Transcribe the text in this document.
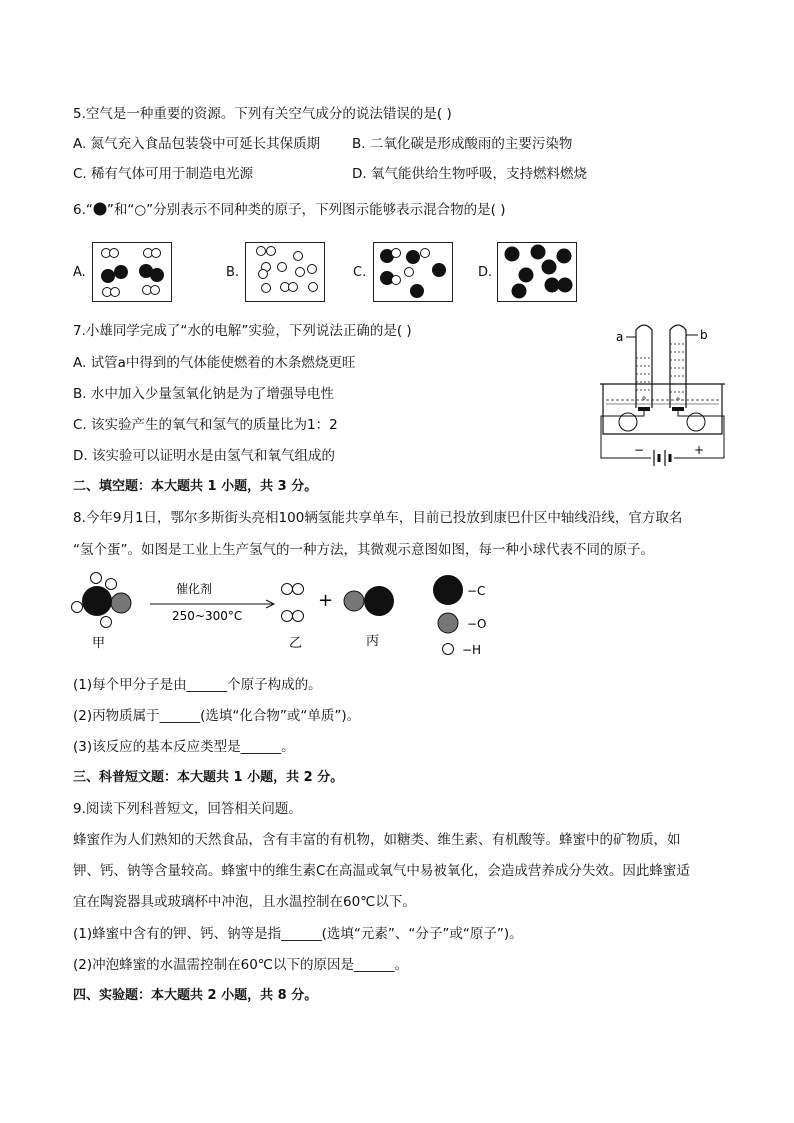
5.空气是一种重要的资源。下列有关空气成分的说法错误的是( )
A. 氮气充入食品包装袋中可延长其保质期 B. 二氧化碳是形成酸雨的主要污染物
C. 稀有气体可用于制造电光源	D. 氧气能供给生物呼吸，支持燃料燃烧
6.“ ”和“○”分别表示不同种类的原子，下列图示能够表示混合物的是( )
A.	B.	C.	D.
7.小雄同学完成了“水的电解”实验，下列说法正确的是( )
A. 试管a中得到的气体能使燃着的木条燃烧更旺
B. 水中加入少量氢氧化钠是为了增强导电性
C. 该实验产生的氧气和氢气的质量比为1：2
D. 该实验可以证明水是由氢气和氧气组成的
a	b
−	+
二、填空题：本大题共 1 小题，共 3 分。
8.今年9月1日，鄂尔多斯街头亮相100辆氢能共享单车，目前已投放到康巴什区中轴线沿线，官方取名
“氢个蛋”。如图是工业上生产氢气的一种方法，其微观示意图如图，每一种小球代表不同的原子。
甲
催化剂
250~300°C
乙
+
丙
−C
−O
−H
(1)每个甲分子是由______个原子构成的。
(2)丙物质属于______(选填“化合物”或“单质”)。
(3)该反应的基本反应类型是______。
三、科普短文题：本大题共 1 小题，共 2 分。
9.阅读下列科普短文，回答相关问题。
蜂蜜作为人们熟知的天然食品，含有丰富的有机物，如糖类、维生素、有机酸等。蜂蜜中的矿物质，如
钾、钙、钠等含量较高。蜂蜜中的维生素C在高温或氧气中易被氧化，会造成营养成分失效。因此蜂蜜适
宜在陶瓷器具或玻璃杯中冲泡，且水温控制在60℃以下。
(1)蜂蜜中含有的钾、钙、钠等是指______(选填“元素”、“分子”或“原子”)。
(2)冲泡蜂蜜的水温需控制在60℃以下的原因是______。
四、实验题：本大题共 2 小题，共 8 分。
